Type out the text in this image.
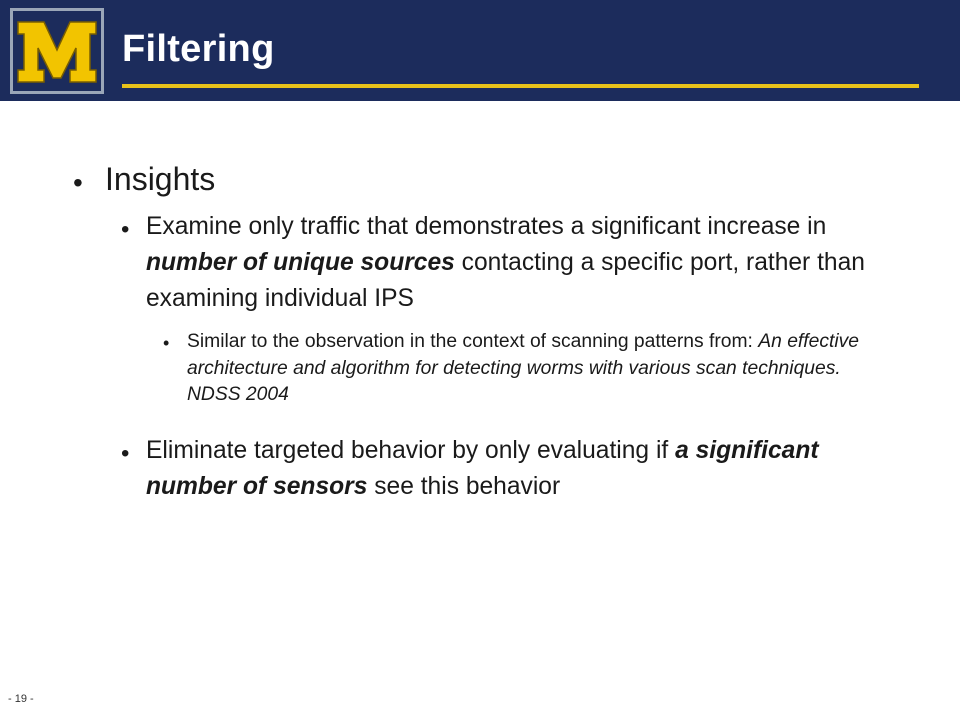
Filtering
• Insights
• Examine only traffic that demonstrates a significant increase in number of unique sources contacting a specific port, rather than examining individual IPS
• Similar to the observation in the context of scanning patterns from: An effective architecture and algorithm for detecting worms with various scan techniques. NDSS 2004
• Eliminate targeted behavior by only evaluating if a significant number of sensors see this behavior
- 19 -
